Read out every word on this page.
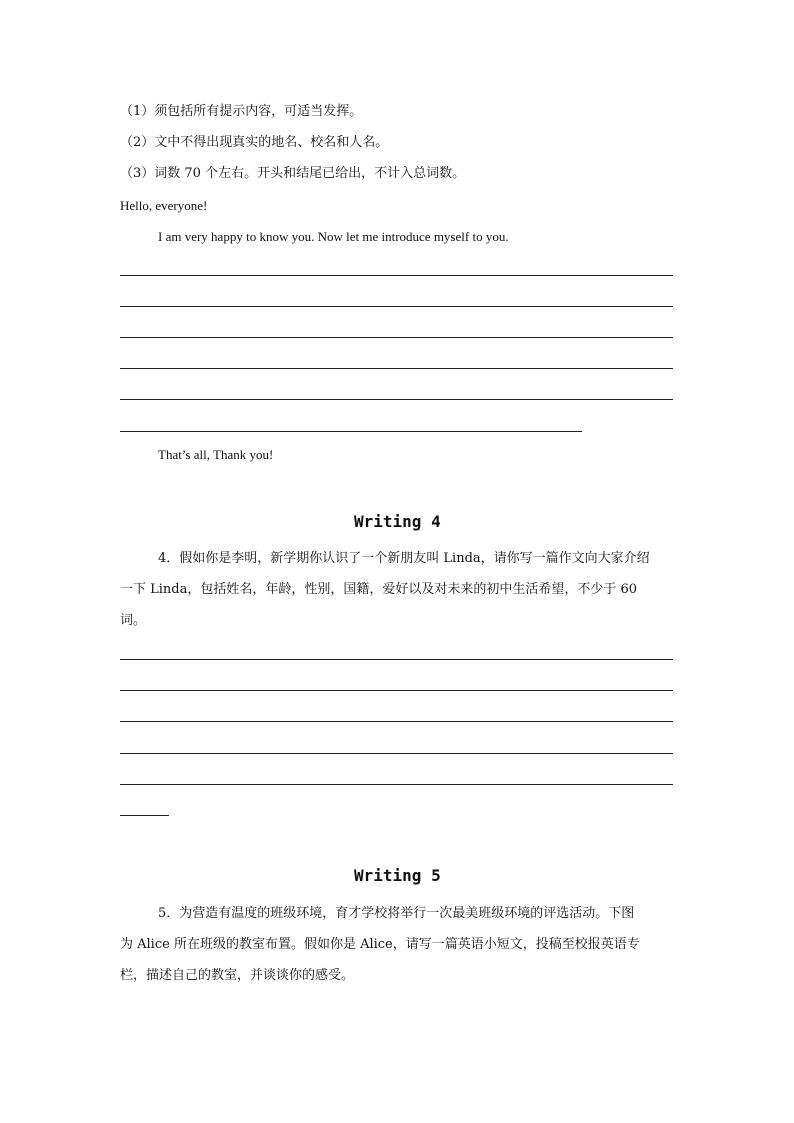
（1）须包括所有提示内容，可适当发挥。
（2）文中不得出现真实的地名、校名和人名。
（3）词数 70 个左右。开头和结尾已给出，不计入总词数。
Hello, everyone!
I am very happy to know you. Now let me introduce myself to you.
That’s all, Thank you!
Writing 4
4．假如你是李明，新学期你认识了一个新朋友叫 Linda，请你写一篇作文向大家介绍
一下 Linda，包括姓名，年龄，性别，国籍，爱好以及对未来的初中生活希望，不少于 60
词。
Writing 5
5．为营造有温度的班级环境，育才学校将举行一次最美班级环境的评选活动。下图
为 Alice 所在班级的教室布置。假如你是 Alice，请写一篇英语小短文，投稿至校报英语专
栏，描述自己的教室，并谈谈你的感受。
